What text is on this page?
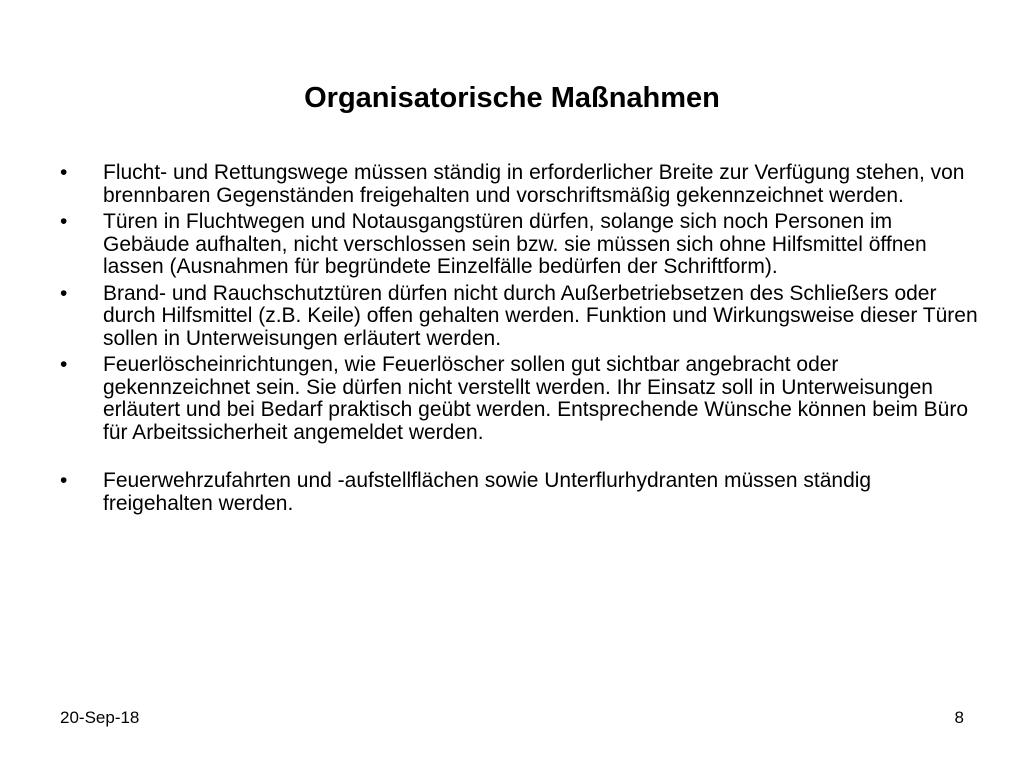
Organisatorische Maßnahmen
•	Flucht- und Rettungswege müssen ständig in erforderlicher Breite zur Verfügung stehen, von brennbaren Gegenständen freigehalten und vorschriftsmäßig gekennzeichnet werden.
•	Türen in Fluchtwegen und Notausgangstüren dürfen, solange sich noch Personen im Gebäude aufhalten, nicht verschlossen sein bzw. sie müssen sich ohne Hilfsmittel öffnen lassen (Ausnahmen für begründete Einzelfälle bedürfen der Schriftform).
•	Brand- und Rauchschutztüren dürfen nicht durch Außerbetriebsetzen des Schließers oder durch Hilfsmittel (z.B. Keile) offen gehalten werden. Funktion und Wirkungsweise dieser Türen sollen in Unterweisungen erläutert werden.
•	Feuerlöscheinrichtungen, wie Feuerlöscher sollen gut sichtbar angebracht oder gekennzeichnet sein. Sie dürfen nicht verstellt werden. Ihr Einsatz soll in Unterweisungen erläutert und bei Bedarf praktisch geübt werden. Entsprechende Wünsche können beim Büro für Arbeitssicherheit angemeldet werden.
•	Feuerwehrzufahrten und -aufstellflächen sowie Unterflurhydranten müssen ständig freigehalten werden.
20-Sep-18	8
